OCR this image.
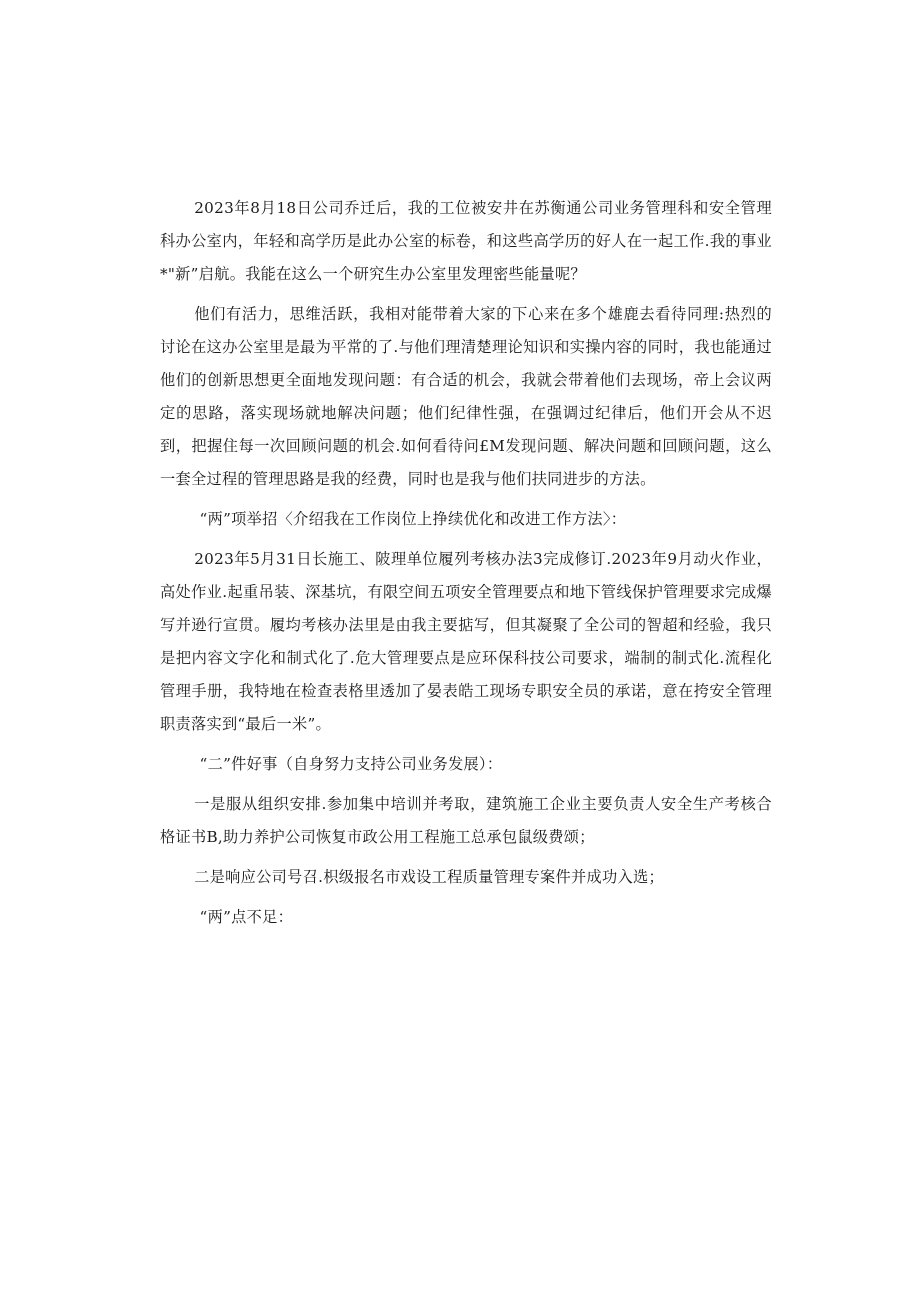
2023年8月18日公司乔迁后，我的工位被安井在苏衡通公司业务管理科和安全管理科办公室内，年轻和高学历是此办公室的标卷，和这些高学历的好人在一起工作.我的事业*"新”启航。我能在这么一个研究生办公室里发理密些能量呢？

他们有活力，思维活跃，我相对能带着大家的下心来在多个雄鹿去看待同理:热烈的讨论在这办公室里是最为平常的了.与他们理清楚理论知识和实操内容的同时，我也能通过他们的创新思想更全面地发现问题：有合适的机会，我就会带着他们去现场，帝上会议两定的思路，落实现场就地解决问题；他们纪律性强，在强调过纪律后，他们开会从不迟到，把握住每一次回顾问题的机会.如何看待问£M发现问题、解决问题和回顾问题，这么一套全过程的管理思路是我的经费，同时也是我与他们扶同进步的方法。

“两”项举招〈介绍我在工作岗位上挣续优化和改进工作方法〉：

2023年5月31日长施工、陂理单位履列考核办法3完成修订.2023年9月动火作业，高处作业.起重吊装、深基坑，有限空间五项安全管理要点和地下管线保护管理要求完成爆写并逊行宣贯。履均考核办法里是由我主要掂写，但其凝聚了全公司的智超和经验，我只是把内容文字化和制式化了.危大管理要点是应环保科技公司要求，端制的制式化.流程化管理手册，我特地在检查表格里透加了晏表皓工现场专职安全员的承诺，意在挎安全管理职责落实到“最后一米”。

“二”件好事（自身努力支持公司业务发展）：

一是服从组织安排.参加集中培训并考取，建筑施工企业主要负责人安全生产考核合格证书B,助力养护公司恢复市政公用工程施工总承包鼠级费颂；

二是响应公司号召.枳级报名市戏设工程质量管理专案件并成功入选；

“两”点不足：
